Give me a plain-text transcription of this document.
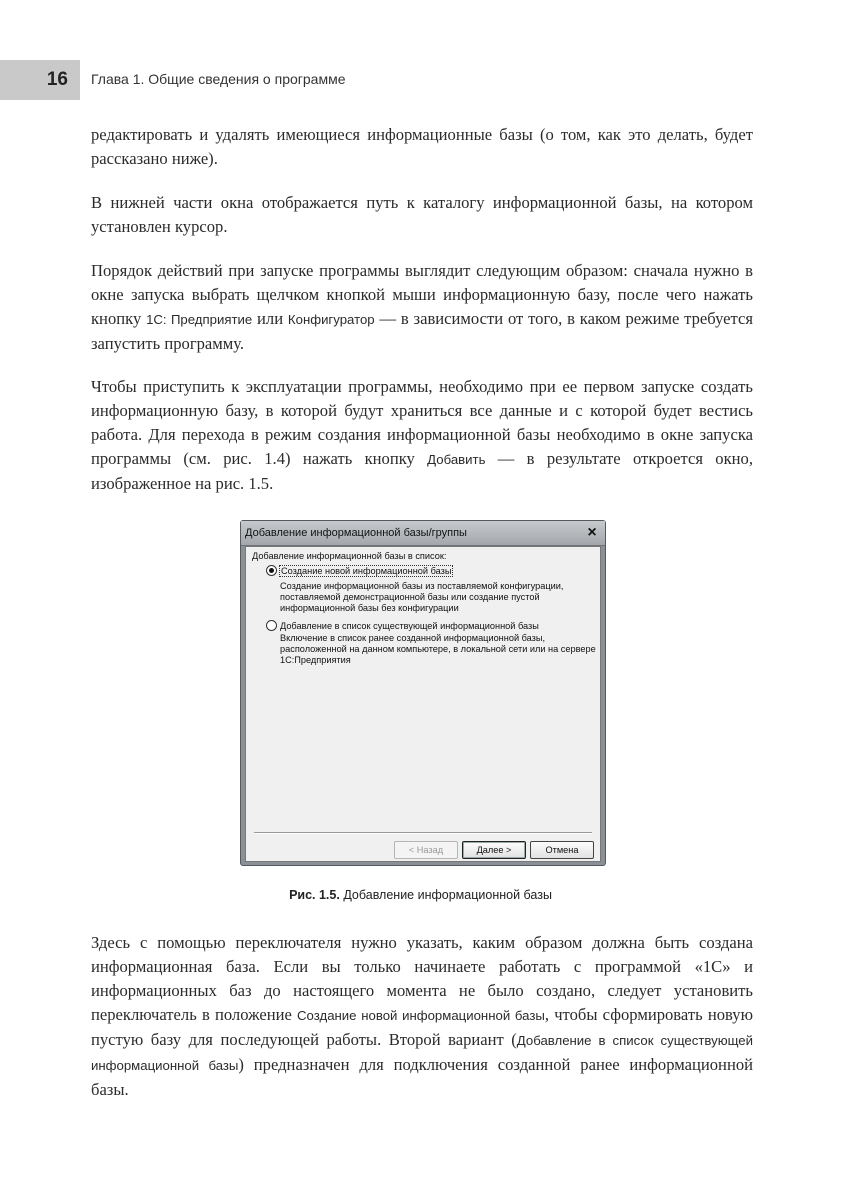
16	Глава 1. Общие сведения о программе

редактировать и удалять имеющиеся информационные базы (о том, как это делать, будет рассказано ниже).

В нижней части окна отображается путь к каталогу информационной базы, на котором установлен курсор.

Порядок действий при запуске программы выглядит следующим образом: сначала нужно в окне запуска выбрать щелчком кнопкой мыши информационную базу, после чего нажать кнопку 1С: Предприятие или Конфигуратор — в зависимости от того, в каком режиме требуется запустить программу.

Чтобы приступить к эксплуатации программы, необходимо при ее первом запуске создать информационную базу, в которой будут храниться все данные и с которой будет вестись работа. Для перехода в режим создания информационной базы необходимо в окне запуска программы (см. рис. 1.4) нажать кнопку Добавить — в результате откроется окно, изображенное на рис. 1.5.

Добавление информационной базы/группы	×
Добавление информационной базы в список:
Создание новой информационной базы
Создание информационной базы из поставляемой конфигурации, поставляемой демонстрационной базы или создание пустой информационной базы без конфигурации
Добавление в список существующей информационной базы
Включение в список ранее созданной информационной базы, расположенной на данном компьютере, в локальной сети или на сервере 1С:Предприятия
< Назад	Далее >	Отмена
Рис. 1.5. Добавление информационной базы

Здесь с помощью переключателя нужно указать, каким образом должна быть создана информационная база. Если вы только начинаете работать с программой «1С» и информационных баз до настоящего момента не было создано, следует установить переключатель в положение Создание новой информационной базы, чтобы сформировать новую пустую базу для последующей работы. Второй вариант (Добавление в список существующей информационной базы) предназначен для подключения созданной ранее информационной базы.
